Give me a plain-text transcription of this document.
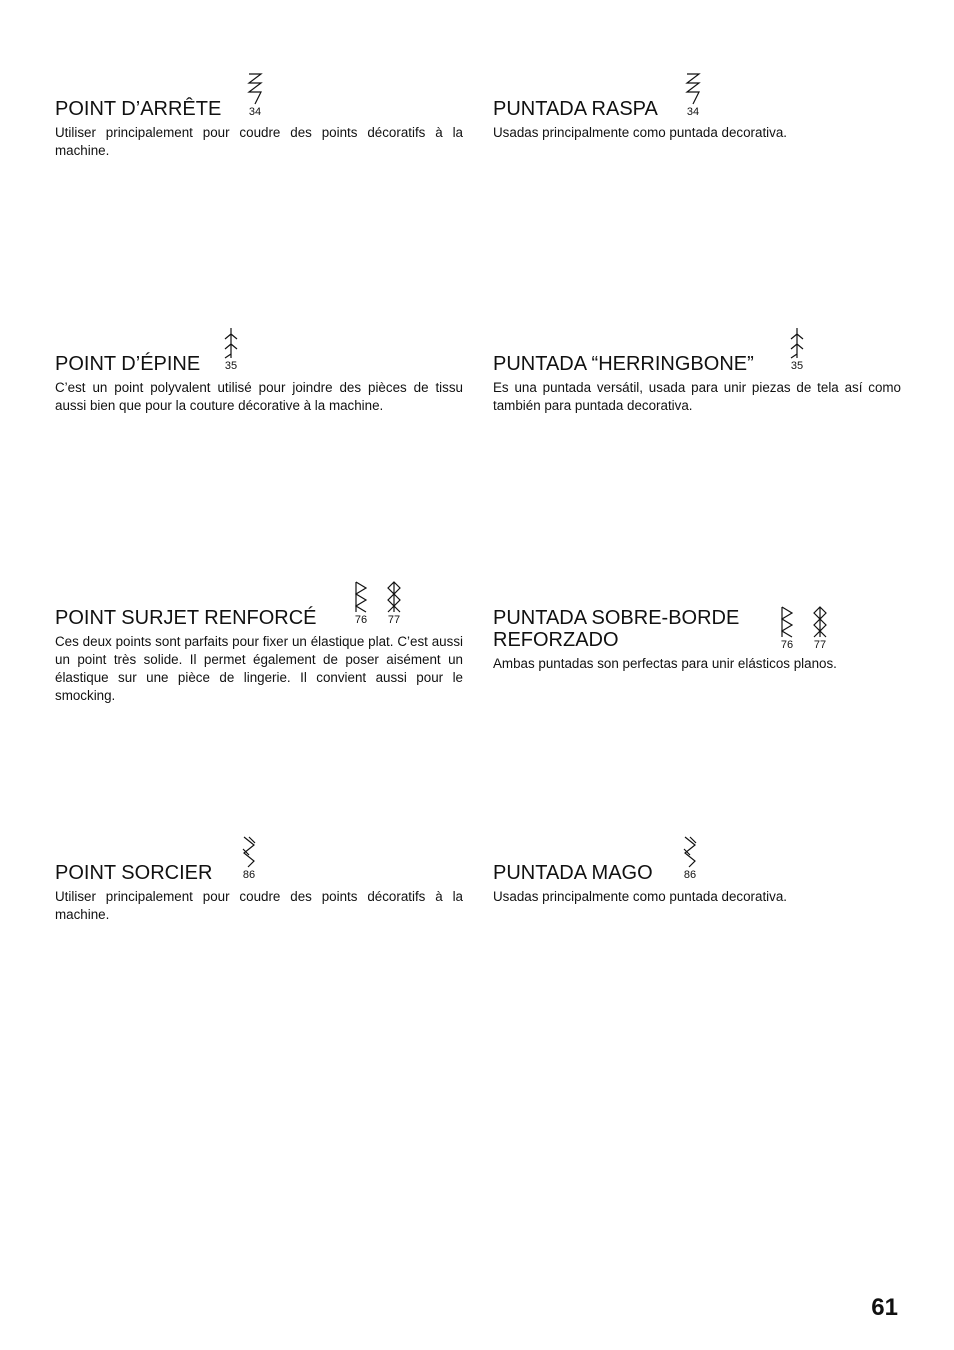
POINT D’ARRÊTE

Utiliser principalement pour coudre des points décoratifs à la machine.

34	PUNTADA RASPA

Usadas principalmente como puntada decorativa.

34
POINT D’ÉPINE

C’est un point polyvalent utilisé pour joindre des pièces de tissu aussi bien que pour la couture décorative à la machine.

35	PUNTADA “HERRINGBONE”

Es una puntada versátil, usada para unir piezas de tela así como también para puntada decorativa.

35
POINT SURJET RENFORCÉ

Ces deux points sont parfaits pour fixer un élastique plat. C’est aussi un point très solide. Il permet également de poser aisément un élastique sur une pièce de lingerie. Il convient aussi pour le smocking.

76 77	PUNTADA SOBRE-BORDE
REFORZADO

Ambas puntadas son perfectas para unir elásticos planos.

76 77
POINT SORCIER

Utiliser principalement pour coudre des points décoratifs à la machine.

86	PUNTADA MAGO

Usadas principalmente como puntada decorativa.

86
61
